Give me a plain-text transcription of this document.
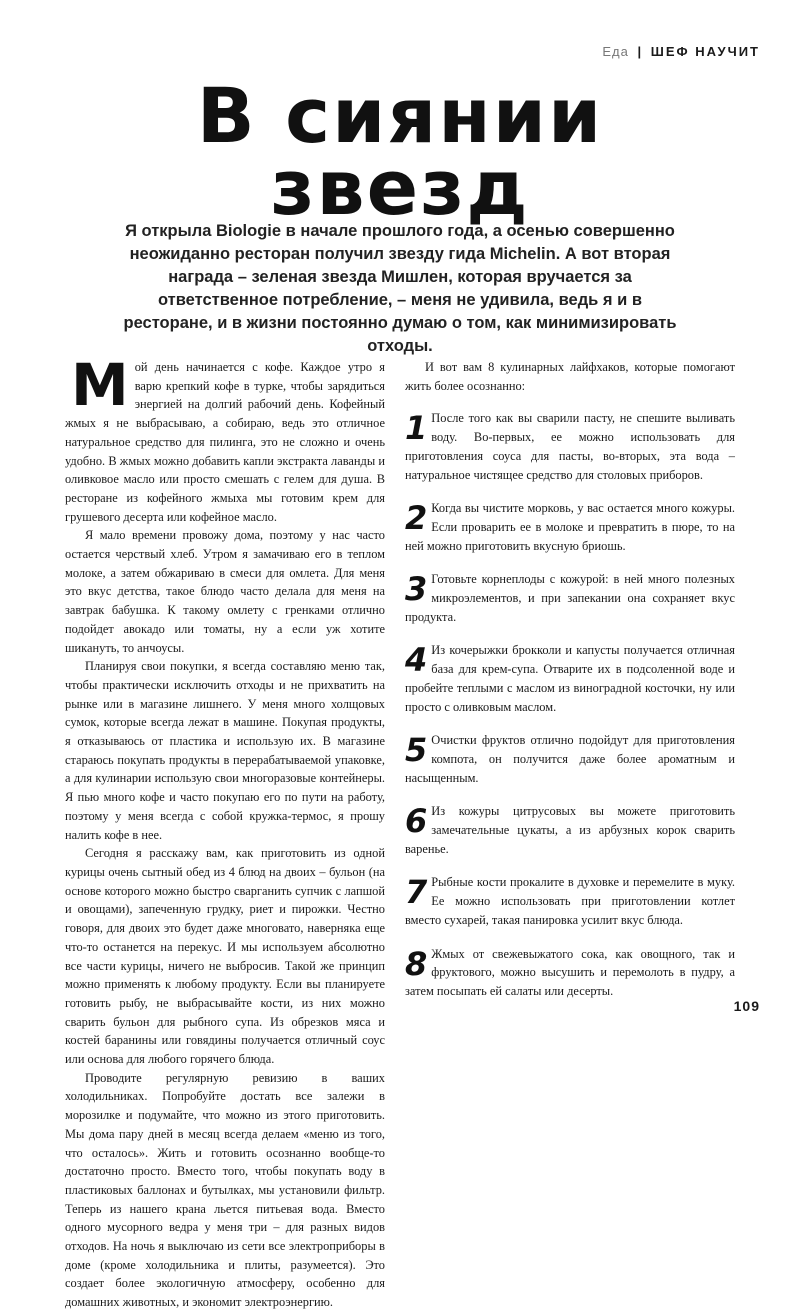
Еда | ШЕФ НАУЧИТ
В сиянии
звезд
Я открыла Biologie в начале прошлого года, а осенью совершенно неожиданно ресторан получил звезду гида Michelin. А вот вторая награда – зеленая звезда Мишлен, которая вручается за ответственное потребление, – меня не удивила, ведь я и в ресторане, и в жизни постоянно думаю о том, как минимизировать отходы.

Мой день начинается с кофе. Каждое утро я варю крепкий кофе в турке, чтобы зарядиться энергией на долгий рабочий день. Кофейный жмых я не выбрасываю, а собираю, ведь это отличное натуральное средство для пилинга, это не сложно и очень удобно. В жмых можно добавить капли экстракта лаванды и оливковое масло или просто смешать с гелем для душа. В ресторане из кофейного жмыха мы готовим крем для грушевого десерта или кофейное масло.

Я мало времени провожу дома, поэтому у нас часто остается черствый хлеб. Утром я замачиваю его в теплом молоке, а затем обжариваю в смеси для омлета. Для меня это вкус детства, такое блюдо часто делала для меня на завтрак бабушка. К такому омлету с гренками отлично подойдет авокадо или томаты, ну а если уж хотите шикануть, то анчоусы.

Планируя свои покупки, я всегда составляю меню так, чтобы практически исключить отходы и не прихватить на рынке или в магазине лишнего. У меня много холщовых сумок, которые всегда лежат в машине. Покупая продукты, я отказываюсь от пластика и использую их. В магазине стараюсь покупать продукты в перерабатываемой упаковке, а для кулинарии использую свои многоразовые контейнеры. Я пью много кофе и часто покупаю его по пути на работу, поэтому у меня всегда с собой кружка-термос, я прошу налить кофе в нее.

Сегодня я расскажу вам, как приготовить из одной курицы очень сытный обед из 4 блюд на двоих – бульон (на основе которого можно быстро сварганить супчик с лапшой и овощами), запеченную грудку, риет и пирожки. Честно говоря, для двоих это будет даже многовато, наверняка еще что-то останется на перекус. И мы используем абсолютно все части курицы, ничего не выбросив. Такой же принцип можно применять к любому продукту. Если вы планируете готовить рыбу, не выбрасывайте кости, из них можно сварить бульон для рыбного супа. Из обрезков мяса и костей баранины или говядины получается отличный соус или основа для любого горячего блюда.

Проводите регулярную ревизию в ваших холодильниках. Попробуйте достать все залежи в морозилке и подумайте, что можно из этого приготовить. Мы дома пару дней в месяц всегда делаем «меню из того, что осталось». Жить и готовить осознанно вообще-то достаточно просто. Вместо того, чтобы покупать воду в пластиковых баллонах и бутылках, мы установили фильтр. Теперь из нашего крана льется питьевая вода. Вместо одного мусорного ведра у меня три – для разных видов отходов. На ночь я выключаю из сети все электроприборы в доме (кроме холодильника и плиты, разумеется). Это создает более экологичную атмосферу, особенно для домашних животных, и экономит электроэнергию.

И вот вам 8 кулинарных лайфхаков, которые помогают жить более осознанно:

1 После того как вы сварили пасту, не спешите выливать воду. Во-первых, ее можно использовать для приготовления соуса для пасты, во-вторых, эта вода – натуральное чистящее средство для столовых приборов.
2 Когда вы чистите морковь, у вас остается много кожуры. Если проварить ее в молоке и превратить в пюре, то на ней можно приготовить вкусную бриошь.
3 Готовьте корнеплоды с кожурой: в ней много полезных микроэлементов, и при запекании она сохраняет вкус продукта.
4 Из кочерыжки брокколи и капусты получается отличная база для крем-супа. Отварите их в подсоленной воде и пробейте теплыми с маслом из виноградной косточки, ну или просто с оливковым маслом.
5 Очистки фруктов отлично подойдут для приготовления компота, он получится даже более ароматным и насыщенным.
6 Из кожуры цитрусовых вы можете приготовить замечательные цукаты, а из арбузных корок сварить варенье.
7 Рыбные кости прокалите в духовке и перемелите в муку. Ее можно использовать при приготовлении котлет вместо сухарей, такая панировка усилит вкус блюда.
8 Жмых от свежевыжатого сока, как овощного, так и фруктового, можно высушить и перемолоть в пудру, а затем посыпать ей салаты или десерты.
109
